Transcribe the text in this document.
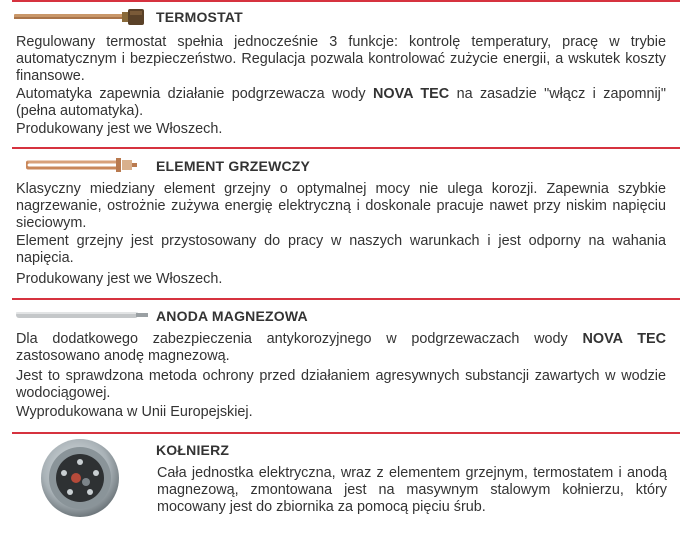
TERMOSTAT
Regulowany termostat spełnia jednocześnie 3 funkcje: kontrolę temperatury, pracę w trybie automatycznym i bezpieczeństwo. Regulacja pozwala kontrolować zużycie energii, a wskutek koszty finansowe.
Automatyka zapewnia działanie podgrzewacza wody NOVA TEC na zasadzie "włącz i zapomnij" (pełna automatyka).
Produkowany jest we Włoszech.
ELEMENT GRZEWCZY
Klasyczny miedziany element grzejny o optymalnej mocy nie ulega korozji. Zapewnia szybkie nagrzewanie, ostrożnie zużywa energię elektryczną i doskonale pracuje nawet przy niskim napięciu sieciowym.
Element grzejny jest przystosowany do pracy w naszych warunkach i jest odporny na wahania napięcia.
Produkowany jest we Włoszech.
ANODA MAGNEZOWA
Dla dodatkowego zabezpieczenia antykorozyjnego w podgrzewaczach wody NOVA TEC zastosowano anodę magnezową.
Jest to sprawdzona metoda ochrony przed działaniem agresywnych substancji zawartych w wodzie wodociągowej.
Wyprodukowana w Unii Europejskiej.
KOŁNIERZ
Cała jednostka elektryczna, wraz z elementem grzejnym, termostatem i anodą magnezową, zmontowana jest na masywnym stalowym kołnierzu, który mocowany jest do zbiornika za pomocą pięciu śrub.
